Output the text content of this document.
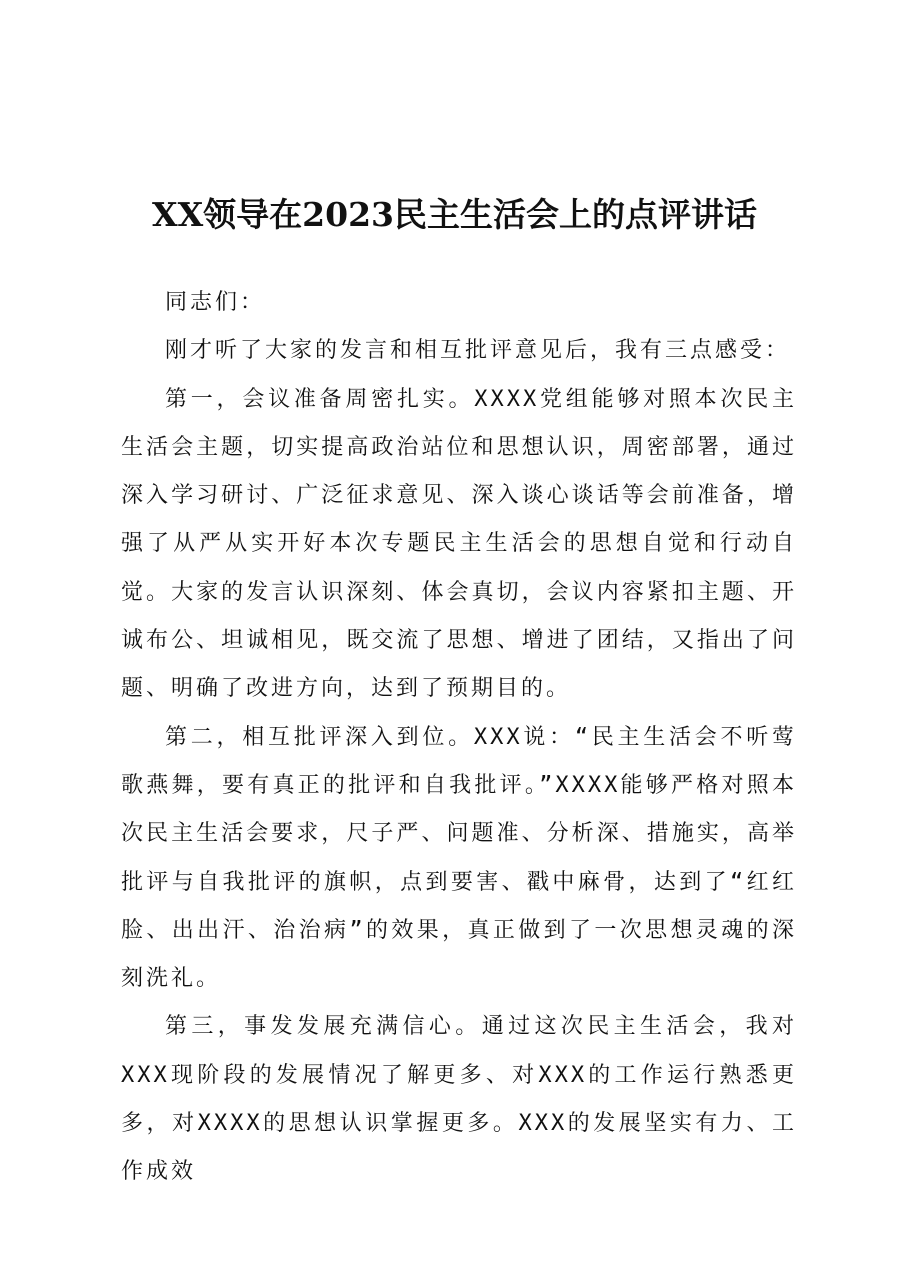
XX领导在2023民主生活会上的点评讲话

同志们：

刚才听了大家的发言和相互批评意见后，我有三点感受：

第一，会议准备周密扎实。XXXX党组能够对照本次民主生活会主题，切实提高政治站位和思想认识，周密部署，通过深入学习研讨、广泛征求意见、深入谈心谈话等会前准备，增强了从严从实开好本次专题民主生活会的思想自觉和行动自觉。大家的发言认识深刻、体会真切，会议内容紧扣主题、开诚布公、坦诚相见，既交流了思想、增进了团结，又指出了问题、明确了改进方向，达到了预期目的。

第二，相互批评深入到位。XXX说：“民主生活会不听莺歌燕舞，要有真正的批评和自我批评。”XXXX能够严格对照本次民主生活会要求，尺子严、问题准、分析深、措施实，高举批评与自我批评的旗帜，点到要害、戳中麻骨，达到了“红红脸、出出汗、治治病”的效果，真正做到了一次思想灵魂的深刻洗礼。

第三，事发发展充满信心。通过这次民主生活会，我对XXX现阶段的发展情况了解更多、对XXX的工作运行熟悉更多，对XXXX的思想认识掌握更多。XXX的发展坚实有力、工作成效
